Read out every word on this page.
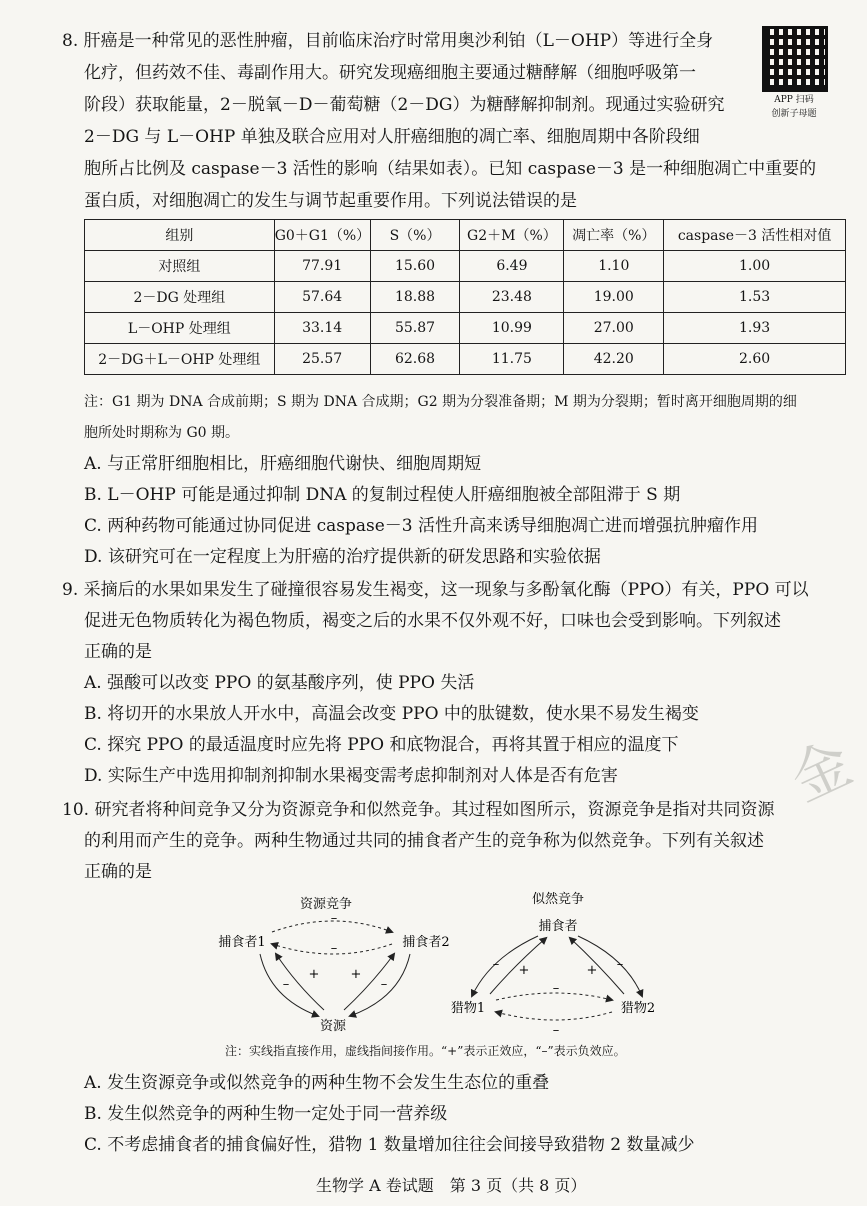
8. 肝癌是一种常见的恶性肿瘤，目前临床治疗时常用奥沙利铂（L－OHP）等进行全身
化疗，但药效不佳、毒副作用大。研究发现癌细胞主要通过糖酵解（细胞呼吸第一
阶段）获取能量，2－脱氧－D－葡萄糖（2－DG）为糖酵解抑制剂。现通过实验研究
2－DG 与 L－OHP 单独及联合应用对人肝癌细胞的凋亡率、细胞周期中各阶段细
胞所占比例及 caspase－3 活性的影响（结果如表）。已知 caspase－3 是一种细胞凋亡中重要的
蛋白质，对细胞凋亡的发生与调节起重要作用。下列说法错误的是
APP 扫码
创新子母题
组别	G0＋G1（%）	S（%）	G2＋M（%）	凋亡率（%）	caspase－3 活性相对值
对照组	77.91	15.60	6.49	1.10	1.00
2－DG 处理组	57.64	18.88	23.48	19.00	1.53
L－OHP 处理组	33.14	55.87	10.99	27.00	1.93
2－DG＋L－OHP 处理组	25.57	62.68	11.75	42.20	2.60
注：G1 期为 DNA 合成前期；S 期为 DNA 合成期；G2 期为分裂准备期；M 期为分裂期；暂时离开细胞周期的细
胞所处时期称为 G0 期。
A. 与正常肝细胞相比，肝癌细胞代谢快、细胞周期短
B. L－OHP 可能是通过抑制 DNA 的复制过程使人肝癌细胞被全部阻滞于 S 期
C. 两种药物可能通过协同促进 caspase－3 活性升高来诱导细胞凋亡进而增强抗肿瘤作用
D. 该研究可在一定程度上为肝癌的治疗提供新的研发思路和实验依据
9. 采摘后的水果如果发生了碰撞很容易发生褐变，这一现象与多酚氧化酶（PPO）有关，PPO 可以
促进无色物质转化为褐色物质，褐变之后的水果不仅外观不好，口味也会受到影响。下列叙述
正确的是
A. 强酸可以改变 PPO 的氨基酸序列，使 PPO 失活
B. 将切开的水果放人开水中，高温会改变 PPO 中的肽键数，使水果不易发生褐变
C. 探究 PPO 的最适温度时应先将 PPO 和底物混合，再将其置于相应的温度下
D. 实际生产中选用抑制剂抑制水果褐变需考虑抑制剂对人体是否有危害	金
10. 研究者将种间竞争又分为资源竞争和似然竞争。其过程如图所示，资源竞争是指对共同资源
的利用而产生的竞争。两种生物通过共同的捕食者产生的竞争称为似然竞争。下列有关叙述
正确的是
资源竞争
捕食者1	捕食者2
资源
–
–
–
+ +
–
似然竞争
捕食者
猎物1	猎物2
– +	+ –
–
–
注：实线指直接作用，虚线指间接作用。“+”表示正效应，“–”表示负效应。
A. 发生资源竞争或似然竞争的两种生物不会发生生态位的重叠
B. 发生似然竞争的两种生物一定处于同一营养级
C. 不考虑捕食者的捕食偏好性，猎物 1 数量增加往往会间接导致猎物 2 数量减少
生物学 A 卷试题　第 3 页（共 8 页）
